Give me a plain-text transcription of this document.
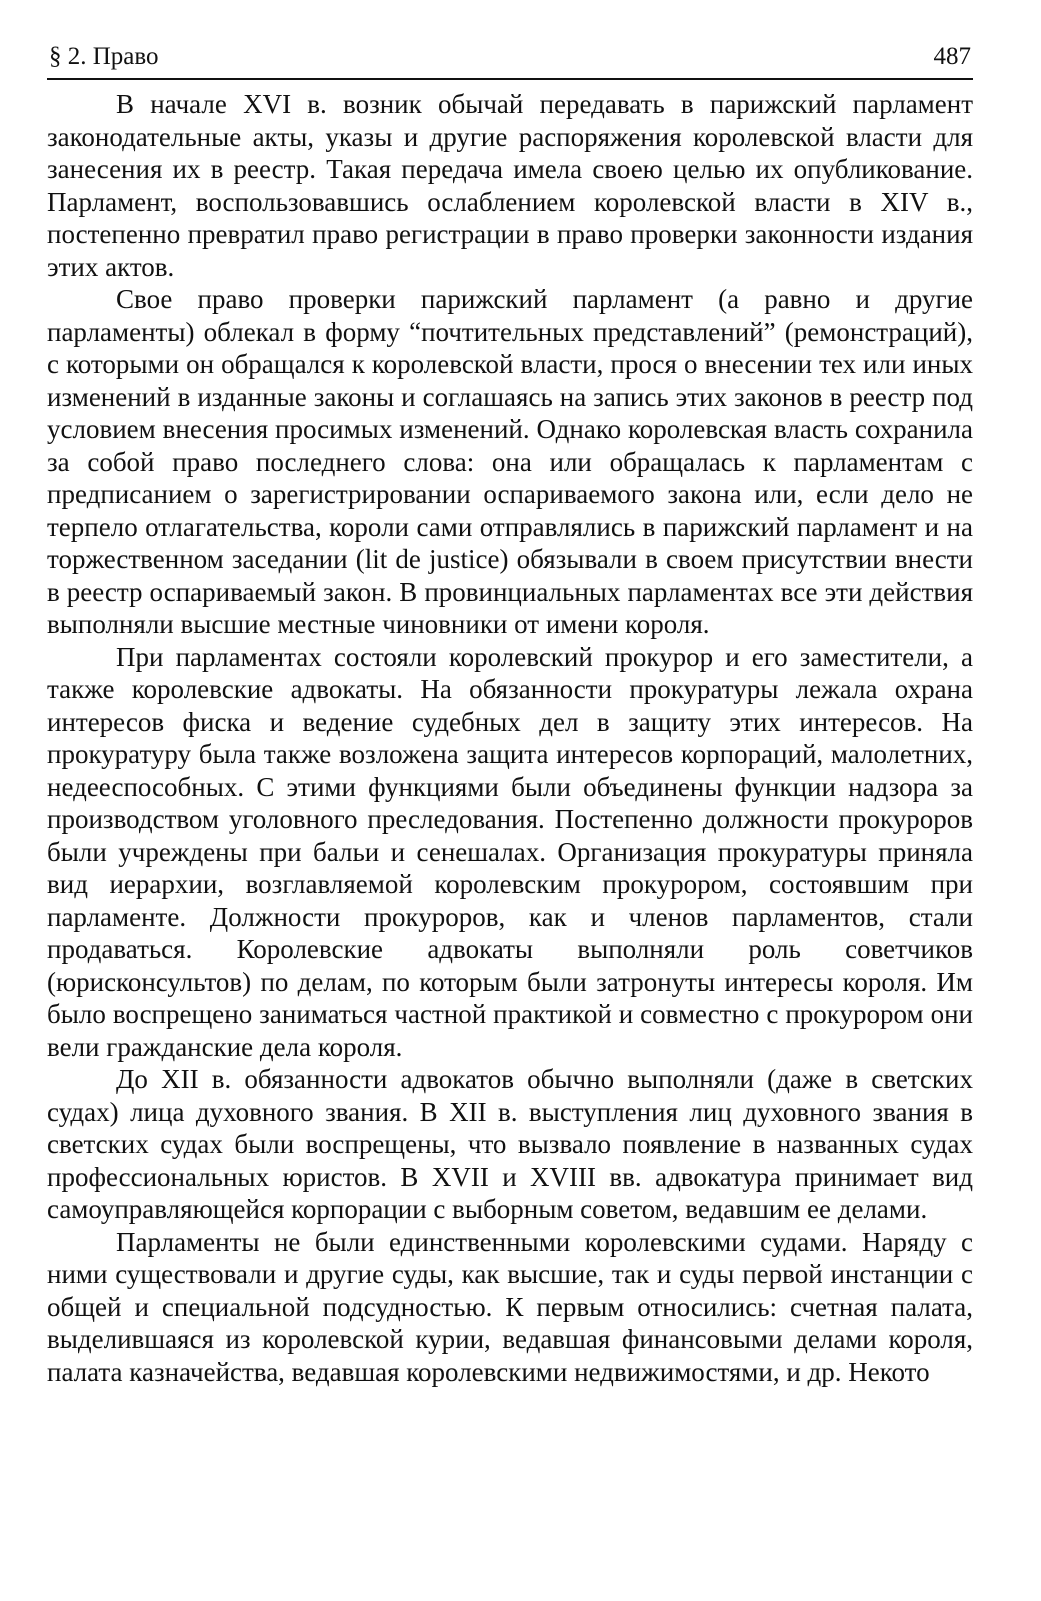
§ 2. Право	487

В начале XVI в. возник обычай передавать в парижский парламент законодательные акты, указы и другие распоряжения королевской власти для занесения их в реестр. Такая передача имела своею целью их опубликование. Парламент, воспользовавшись ослаблением королевской власти в XIV в., постепенно превратил право регистрации в право проверки законности издания этих актов.

Свое право проверки парижский парламент (а равно и другие парламенты) облекал в форму “почтительных представлений” (ремонстраций), с которыми он обращался к королевской власти, прося о внесении тех или иных изменений в изданные законы и соглашаясь на запись этих законов в реестр под условием внесения просимых изменений. Однако королевская власть сохранила за собой право последнего слова: она или обращалась к парламентам с предписанием о зарегистрировании оспариваемого закона или, если дело не терпело отлагательства, короли сами отправлялись в парижский парламент и на торжественном заседании (lit de justice) обязывали в своем присутствии внести в реестр оспариваемый закон. В провинциальных парламентах все эти действия выполняли высшие местные чиновники от имени короля.

При парламентах состояли королевский прокурор и его заместители, а также королевские адвокаты. На обязанности прокуратуры лежала охрана интересов фиска и ведение судебных дел в защиту этих интересов. На прокуратуру была также возложена защита интересов корпораций, малолетних, недееспособных. С этими функциями были объединены функции надзора за производством уголовного преследования. Постепенно должности прокуроров были учреждены при бальи и сенешалах. Организация прокуратуры приняла вид иерархии, возглавляемой королевским прокурором, состоявшим при парламенте. Должности прокуроров, как и членов парламентов, стали продаваться. Королевские адвокаты выполняли роль советчиков (юрисконсультов) по делам, по которым были затронуты интересы короля. Им было воспрещено заниматься частной практикой и совместно с прокурором они вели гражданские дела короля.

До XII в. обязанности адвокатов обычно выполняли (даже в светских судах) лица духовного звания. В XII в. выступления лиц духовного звания в светских судах были воспрещены, что вызвало появление в названных судах профессиональных юристов. В XVII и XVIII вв. адвокатура принимает вид самоуправляющейся корпорации с выборным советом, ведавшим ее делами.

Парламенты не были единственными королевскими судами. Наряду с ними существовали и другие суды, как высшие, так и суды первой инстанции с общей и специальной подсудностью. К первым относились: счетная палата, выделившаяся из королевской курии, ведавшая финансовыми делами короля, палата казначейства, ведавшая королевскими недвижимостями, и др. Некото
